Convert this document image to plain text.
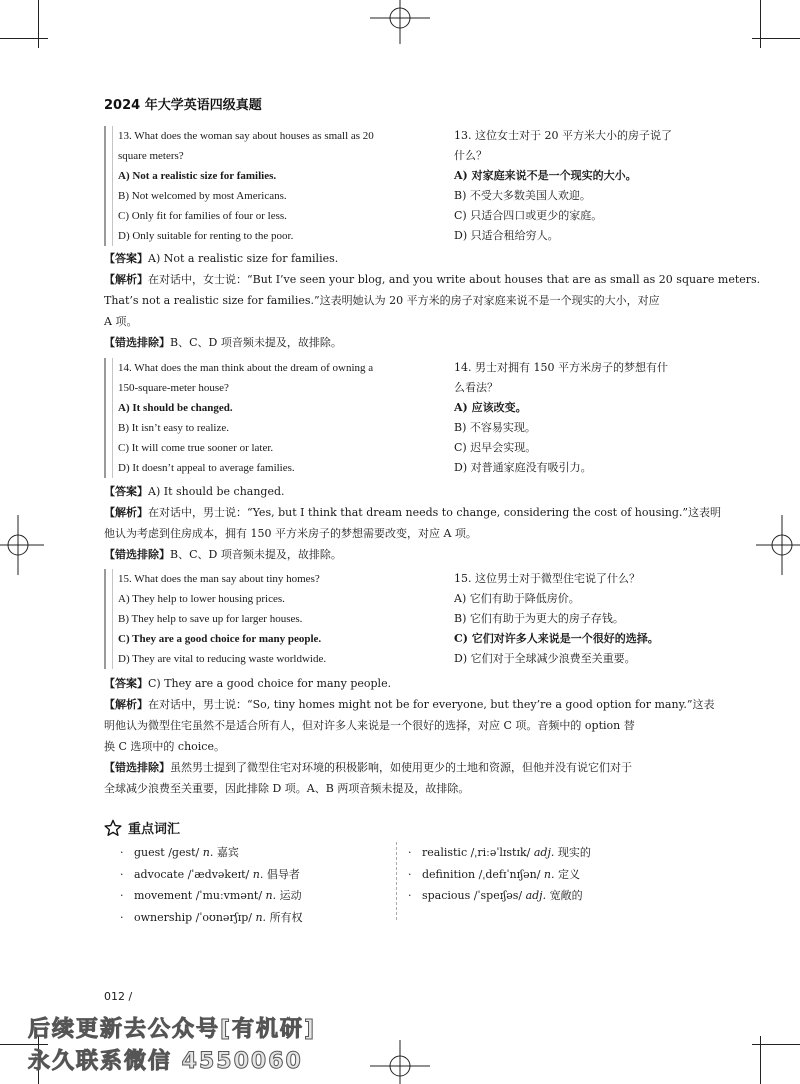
2024 年大学英语四级真题
13. What does the woman say about houses as small as 20
square meters?
A) Not a realistic size for families.
B) Not welcomed by most Americans.
C) Only fit for families of four or less.
D) Only suitable for renting to the poor.
13. 这位女士对于 20 平方米大小的房子说了
什么？
A) 对家庭来说不是一个现实的大小。
B) 不受大多数美国人欢迎。
C) 只适合四口或更少的家庭。
D) 只适合租给穷人。
【答案】A) Not a realistic size for families.
【解析】在对话中，女士说：“But I’ve seen your blog, and you write about houses that are as small as 20 square meters.
That’s not a realistic size for families.”这表明她认为 20 平方米的房子对家庭来说不是一个现实的大小，对应
A 项。
【错选排除】B、C、D 项音频未提及，故排除。
14. What does the man think about the dream of owning a
150-square-meter house?
A) It should be changed.
B) It isn’t easy to realize.
C) It will come true sooner or later.
D) It doesn’t appeal to average families.
14. 男士对拥有 150 平方米房子的梦想有什
么看法？
A) 应该改变。
B) 不容易实现。
C) 迟早会实现。
D) 对普通家庭没有吸引力。
【答案】A) It should be changed.
【解析】在对话中，男士说：“Yes, but I think that dream needs to change, considering the cost of housing.”这表明
他认为考虑到住房成本，拥有 150 平方米房子的梦想需要改变，对应 A 项。
【错选排除】B、C、D 项音频未提及，故排除。
15. What does the man say about tiny homes?
A) They help to lower housing prices.
B) They help to save up for larger houses.
C) They are a good choice for many people.
D) They are vital to reducing waste worldwide.
15. 这位男士对于微型住宅说了什么？
A) 它们有助于降低房价。
B) 它们有助于为更大的房子存钱。
C) 它们对许多人来说是一个很好的选择。
D) 它们对于全球减少浪费至关重要。
【答案】C) They are a good choice for many people.
【解析】在对话中，男士说：“So, tiny homes might not be for everyone, but they’re a good option for many.”这表
明他认为微型住宅虽然不是适合所有人，但对许多人来说是一个很好的选择，对应 C 项。音频中的 option 替
换 C 选项中的 choice。
【错选排除】虽然男士提到了微型住宅对环境的积极影响，如使用更少的土地和资源，但他并没有说它们对于
全球减少浪费至关重要，因此排除 D 项。A、B 两项音频未提及，故排除。
重点词汇
· guest /ɡest/ n. 嘉宾
· advocate /ˈædvəkeɪt/ n. 倡导者
· movement /ˈmuːvmənt/ n. 运动
· ownership /ˈoʊnərʃɪp/ n. 所有权
· realistic /ˌriːəˈlɪstɪk/ adj. 现实的
· definition /ˌdefɪˈnɪʃən/ n. 定义
· spacious /ˈspeɪʃəs/ adj. 宽敞的
012 /
后续更新去公众号[有机研]
永久联系微信 4550060
